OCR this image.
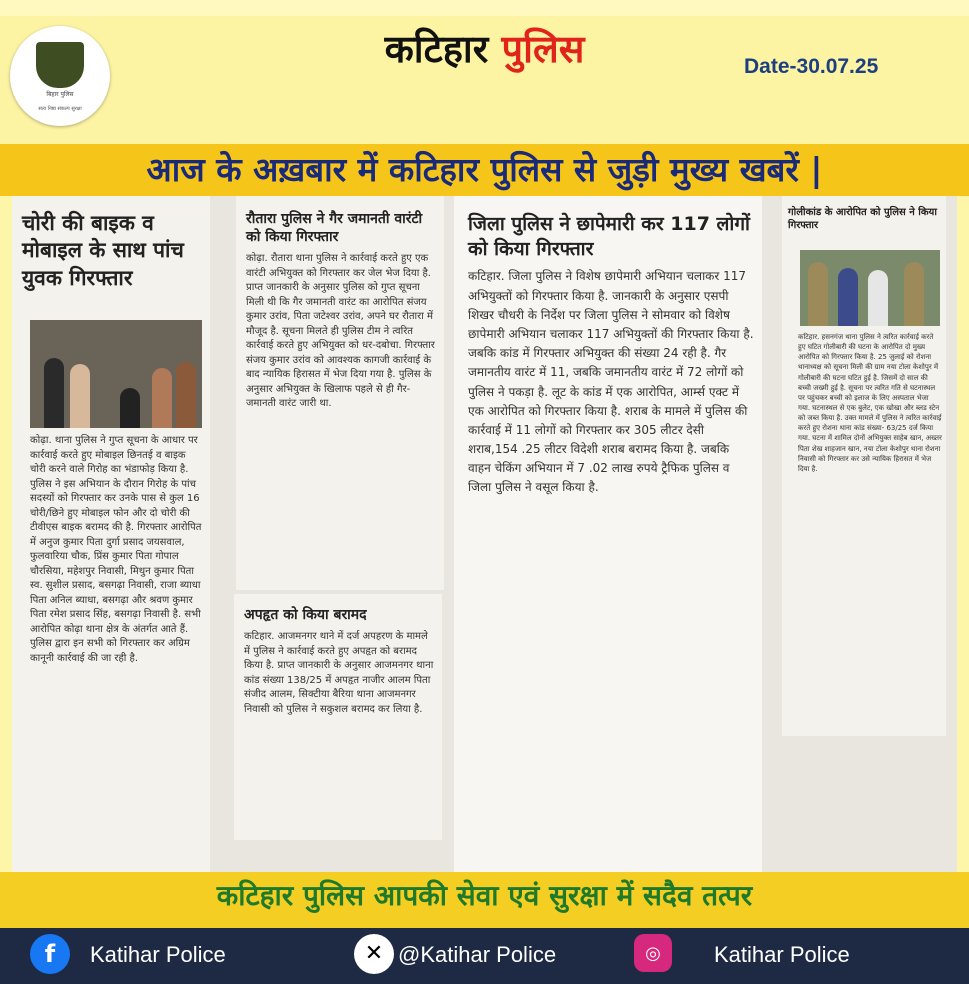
बिहार पुलिस
सत्य निष्ठा संकल्प सुरक्षा
कटिहार पुलिस	Date-30.07.25
आज के अख़बार में कटिहार पुलिस से जुड़ी मुख्य खबरें |
चोरी की बाइक व मोबाइल के साथ पांच युवक गिरफ्तार

कोढ़ा. थाना पुलिस ने गुप्त सूचना के आधार पर कार्रवाई करते हुए मोबाइल छिनतई व बाइक चोरी करने वाले गिरोह का भंडाफोड़ किया है. पुलिस ने इस अभियान के दौरान गिरोह के पांच सदस्यों को गिरफ्तार कर उनके पास से कुल 16 चोरी/छिने हुए मोबाइल फोन और दो चोरी की टीवीएस बाइक बरामद की है. गिरफ्तार आरोपित में अनुज कुमार पिता दुर्गा प्रसाद जयसवाल, फुलवारिया चौक, प्रिंस कुमार पिता गोपाल चौरसिया, महेशपुर निवासी, मिथुन कुमार पिता स्व. सुशील प्रसाद, बसगढ़ा निवासी, राजा ब्याधा पिता अनिल ब्याधा, बसगढ़ा और श्रवण कुमार पिता रमेश प्रसाद सिंह, बसगढ़ा निवासी है. सभी आरोपित कोढ़ा थाना क्षेत्र के अंतर्गत आते हैं. पुलिस द्वारा इन सभी को गिरफ्तार कर अग्रिम कानूनी कार्रवाई की जा रही है.

रौतारा पुलिस ने गैर जमानती वारंटी को किया गिरफ्तार

कोढ़ा. रौतारा थाना पुलिस ने कार्रवाई करते हुए एक वारंटी अभियुक्त को गिरफ्तार कर जेल भेज दिया है. प्राप्त जानकारी के अनुसार पुलिस को गुप्त सूचना मिली थी कि गैर जमानती वारंट का आरोपित संजय कुमार उरांव, पिता जटेश्वर उरांव, अपने घर रौतारा में मौजूद है. सूचना मिलते ही पुलिस टीम ने त्वरित कार्रवाई करते हुए अभियुक्त को धर-दबोचा. गिरफ्तार संजय कुमार उरांव को आवश्यक कागजी कार्रवाई के बाद न्यायिक हिरासत में भेज दिया गया है. पुलिस के अनुसार अभियुक्त के खिलाफ पहले से ही गैर-जमानती वारंट जारी था.

अपहृत को किया बरामद

कटिहार. आजमनगर थाने में दर्ज अपहरण के मामले में पुलिस ने कार्रवाई करते हुए अपहृत को बरामद किया है. प्राप्त जानकारी के अनुसार आजमनगर थाना कांड संख्या 138/25 में अपहृत नाजीर आलम पिता संजीद आलम, सिक्टीया बैरिया थाना आजमनगर निवासी को पुलिस ने सकुशल बरामद कर लिया है.

जिला पुलिस ने छापेमारी कर 117 लोगों को किया गिरफ्तार

कटिहार. जिला पुलिस ने विशेष छापेमारी अभियान चलाकर 117 अभियुक्तों को गिरफ्तार किया है. जानकारी के अनुसार एसपी शिखर चौधरी के निर्देश पर जिला पुलिस ने सोमवार को विशेष छापेमारी अभियान चलाकर 117 अभियुक्तों की गिरफ्तार किया है. जबकि कांड में गिरफ्तार अभियुक्त की संख्या 24 रही है. गैर जमानतीय वारंट में 11, जबकि जमानतीय वारंट में 72 लोगों को पुलिस ने पकड़ा है. लूट के कांड में एक आरोपित, आर्म्स एक्ट में एक आरोपित को गिरफ्तार किया है. शराब के मामले में पुलिस की कार्रवाई में 11 लोगों को गिरफ्तार कर 305 लीटर देसी शराब,154 .25 लीटर विदेशी शराब बरामद किया है. जबकि वाहन चेकिंग अभियान में 7 .02 लाख रुपये ट्रैफिक पुलिस व जिला पुलिस ने वसूल किया है.

गोलीकांड के आरोपित को पुलिस ने किया गिरफ्तार

कटिहार. हसनगंज थाना पुलिस ने त्वरित कार्रवाई करते हुए घटित गोलीबारी की घटना के आरोपित दो मुख्य आरोपित को गिरफ्तार किया है. 25 जुलाई को रोशना थानाध्यक्ष को सूचना मिली की ग्राम नया टोला केशोपुर में गोलीबारी की घटना घटित हुई है. जिसमें दो साल की बच्ची जख्मी हुई है. सूचना पर त्वरित गति से घटनास्थल पर पहुंचकर बच्ची को इलाज के लिए अस्पताल भेजा गया. घटनास्थल से एक बुलेट, एक खोखा और ब्लड स्टेन को जब्त किया है. उक्त मामले में पुलिस ने त्वरित कार्रवाई करते हुए रोशना थाना कांड संख्या- 63/25 दर्ज किया गया. घटना में शामिल दोनों अभियुक्त साहेब खान, अख्तर पिता शेख शाहजान खान, नया टोला केशोपुर थाना रोशना निवासी को गिरफ्तार कर उसे न्यायिक हिरासत में भेज दिया है.

कटिहार पुलिस आपकी सेवा एवं सुरक्षा में सदैव तत्पर
f	Katihar Police	✕ @Katihar Police	◎	Katihar Police
